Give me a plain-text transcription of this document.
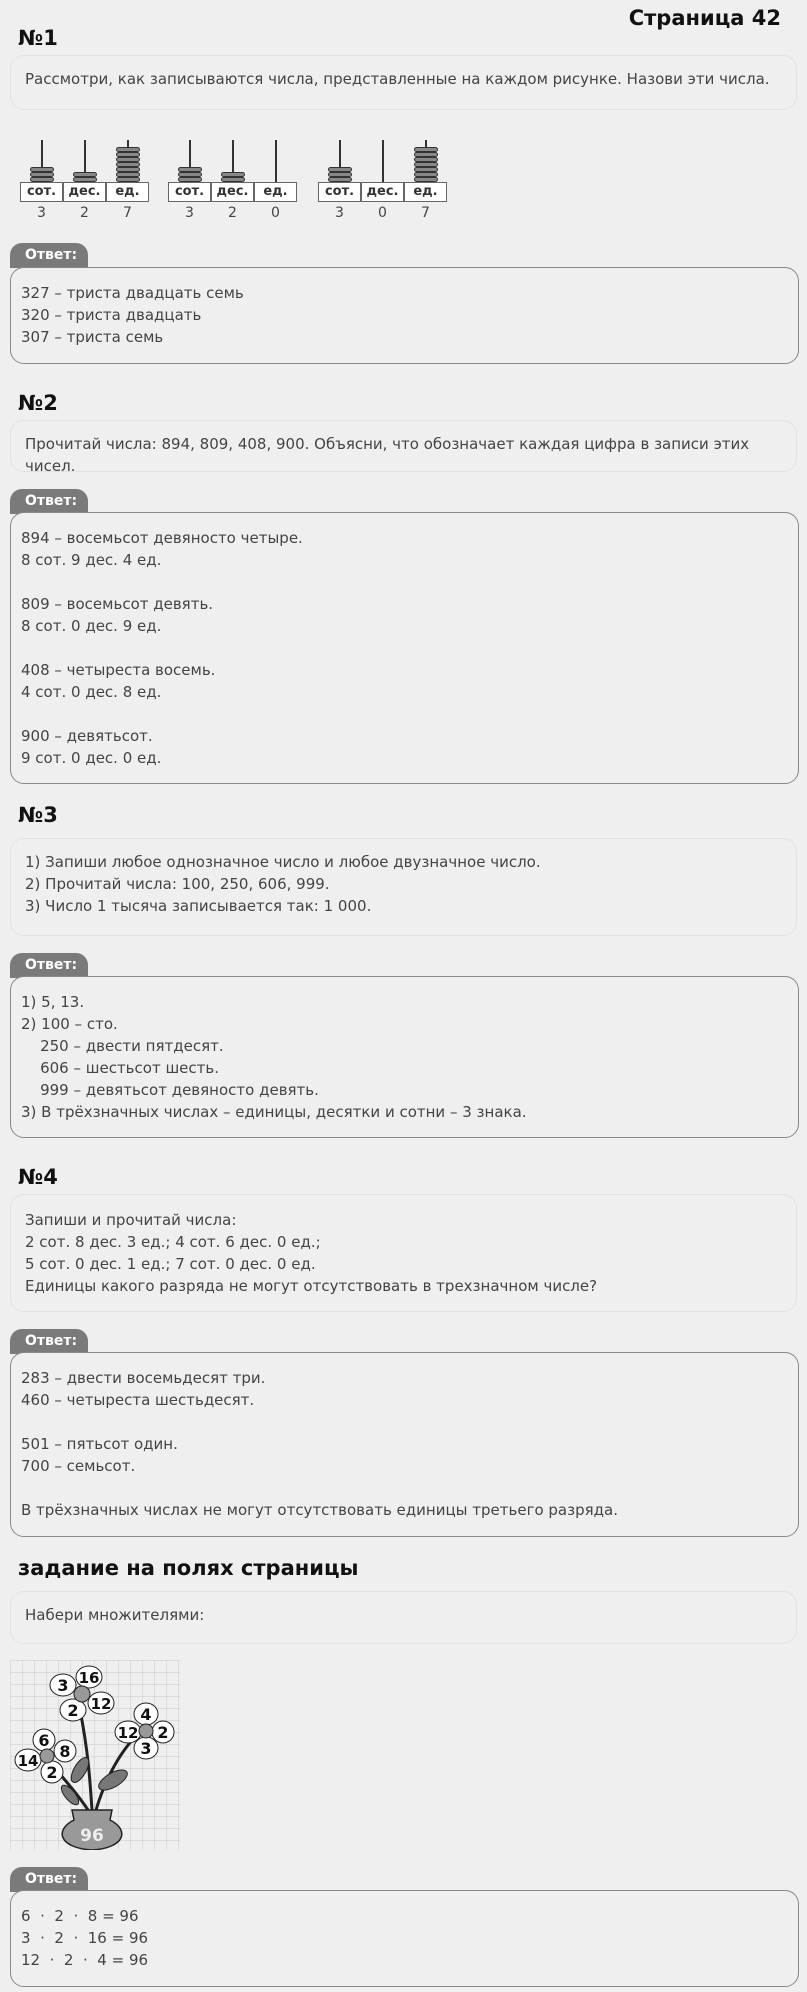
Страница 42
№1
Рассмотри, как записываются числа, представленные на каждом рисунке. Назови эти числа.
сот. дес.	ед.
3	2	7
сот. дес.	ед.
3	2	0
сот. дес.	ед.
3	0	7
Ответ:
327 – триста двадцать семь
320 – триста двадцать
307 – триста семь
№2
Прочитай числа: 894, 809, 408, 900. Объясни, что обозначает каждая цифра в записи этих чисел.
Ответ:
894 – восемьсот девяносто четыре.
8 сот. 9 дес. 4 ед.
809 – восемьсот девять.
8 сот. 0 дес. 9 ед.
408 – четыреста восемь.
4 сот. 0 дес. 8 ед.
900 – девятьсот.
9 сот. 0 дес. 0 ед.
№3
1) Запиши любое однозначное число и любое двузначное число.
2) Прочитай числа: 100, 250, 606, 999.
3) Число 1 тысяча записывается так: 1 000.
Ответ:
1) 5, 13.
2) 100 – сто.
250 – двести пятдесят.
606 – шестьсот шесть.
999 – девятьсот девяносто девять.
3) В трёхзначных числах – единицы, десятки и сотни – 3 знака.
№4
Запиши и прочитай числа:
2 сот. 8 дес. 3 ед.; 4 сот. 6 дес. 0 ед.;
5 сот. 0 дес. 1 ед.; 7 сот. 0 дес. 0 ед.
Единицы какого разряда не могут отсутствовать в трехзначном числе?
Ответ:
283 – двести восемьдесят три.
460 – четыреста шестьдесят.
501 – пятьсот один.
700 – семьсот.
В трёхзначных числах не могут отсутствовать единицы третьего разряда.
задание на полях страницы
Набери множителями:
96
3 16
2 12
4
12 2
3
6
14 8
2
Ответ:
6  ·  2  ·  8 = 96
3  ·  2  ·  16 = 96
12  ·  2  ·  4 = 96
